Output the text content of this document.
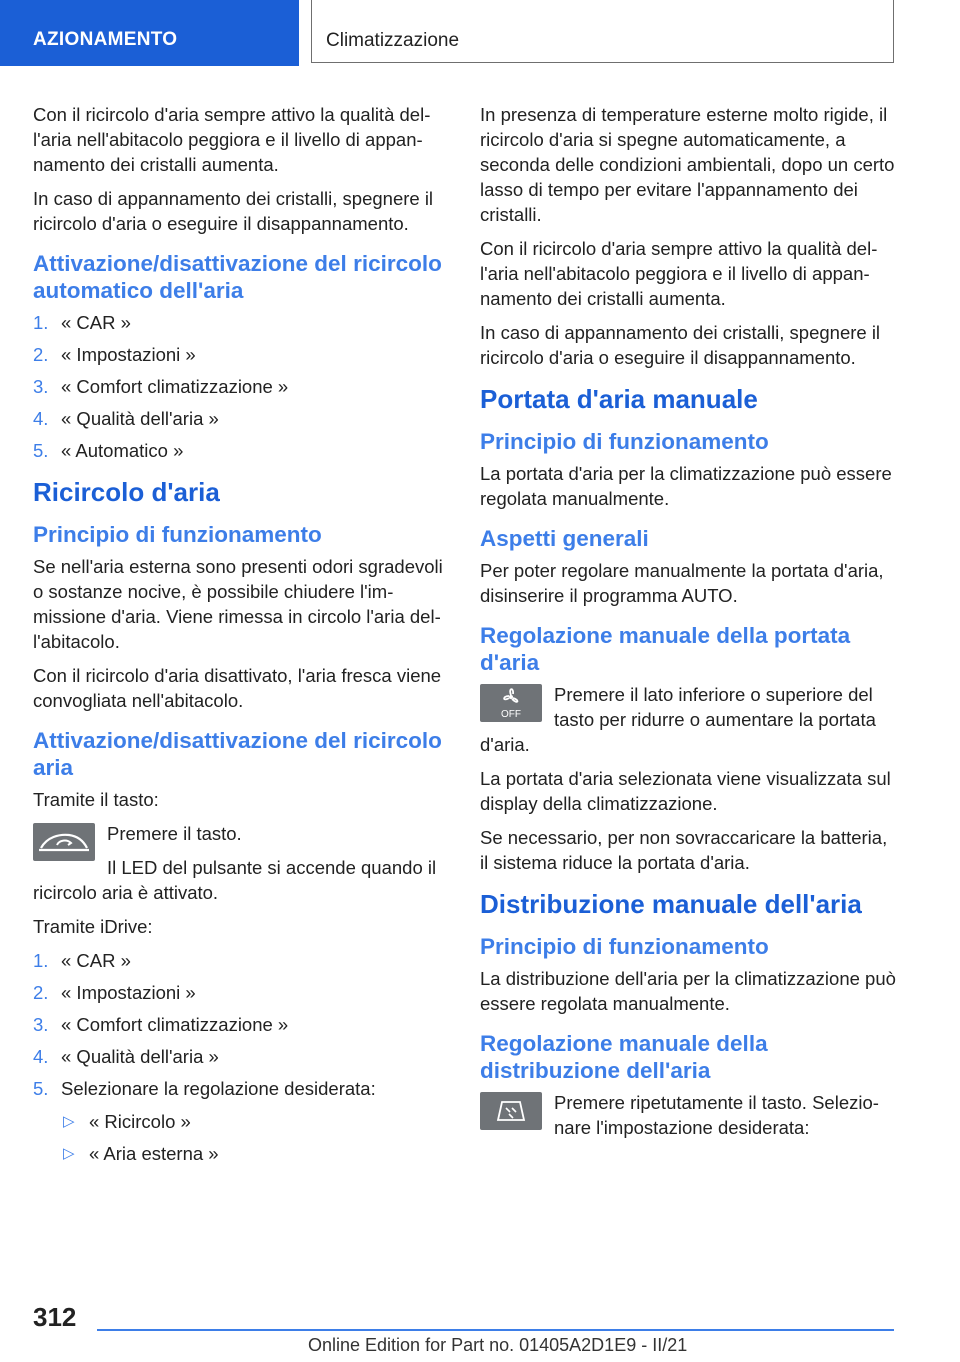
AZIONAMENTO	Climatizzazione

Con il ricircolo d'aria sempre attivo la qualità dell'aria nell'abitacolo peggiora e il livello di appannamento dei cristalli aumenta.

In caso di appannamento dei cristalli, spegnere il ricircolo d'aria o eseguire il disappannamento.

Attivazione/disattivazione del ricircolo automatico dell'aria
1. « CAR »
2. « Impostazioni »
3. « Comfort climatizzazione »
4. « Qualità dell'aria »
5. « Automatico »
Ricircolo d'aria
Principio di funzionamento

Se nell'aria esterna sono presenti odori sgradevoli o sostanze nocive, è possibile chiudere l'immissione d'aria. Viene rimessa in circolo l'aria dell'abitacolo.

Con il ricircolo d'aria disattivato, l'aria fresca viene convogliata nell'abitacolo.

Attivazione/disattivazione del ricircolo aria

Tramite il tasto:

Premere il tasto.

Il LED del pulsante si accende quando il ricircolo aria è attivato.

Tramite iDrive:

1. « CAR »
2. « Impostazioni »
3. « Comfort climatizzazione »
4. « Qualità dell'aria »
5. Selezionare la regolazione desiderata:
▷ « Ricircolo »
▷ « Aria esterna »

In presenza di temperature esterne molto rigide, il ricircolo d'aria si spegne automaticamente, a seconda delle condizioni ambientali, dopo un certo lasso di tempo per evitare l'appannamento dei cristalli.

Con il ricircolo d'aria sempre attivo la qualità dell'aria nell'abitacolo peggiora e il livello di appannamento dei cristalli aumenta.

In caso di appannamento dei cristalli, spegnere il ricircolo d'aria o eseguire il disappannamento.

Portata d'aria manuale
Principio di funzionamento

La portata d'aria per la climatizzazione può essere regolata manualmente.

Aspetti generali

Per poter regolare manualmente la portata d'aria, disinserire il programma AUTO.

Regolazione manuale della portata d'aria
OFF

Premere il lato inferiore o superiore del tasto per ridurre o aumentare la portata d'aria.

La portata d'aria selezionata viene visualizzata sul display della climatizzazione.

Se necessario, per non sovraccaricare la batteria, il sistema riduce la portata d'aria.

Distribuzione manuale dell'aria
Principio di funzionamento

La distribuzione dell'aria per la climatizzazione può essere regolata manualmente.

Regolazione manuale della distribuzione dell'aria

Premere ripetutamente il tasto. Selezionare l'impostazione desiderata:

312
Online Edition for Part no. 01405A2D1E9 - II/21
